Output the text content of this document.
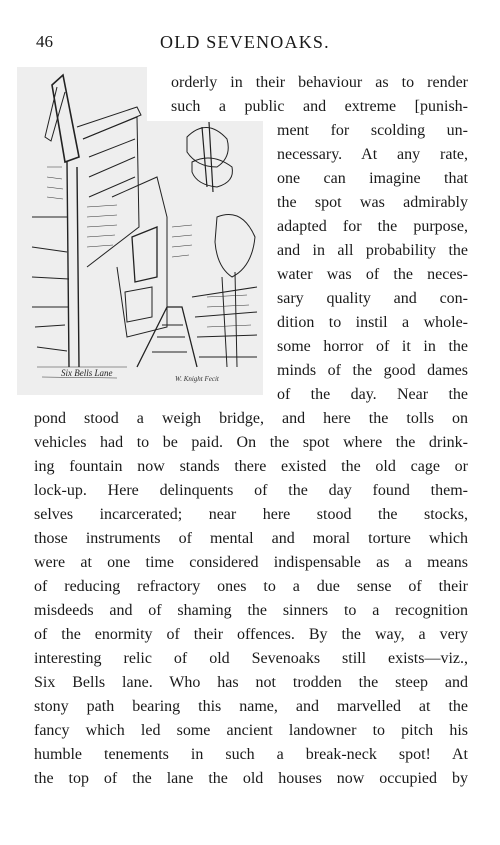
46	OLD SEVENOAKS.
Six Bells Lane
W. Knight Fecit
orderly in their behaviour as to render
such a public and extreme [punish-
ment for scolding un-
necessary. At any rate,
one can imagine that
the spot was admirably
adapted for the purpose,
and in all probability the
water was of the neces-
sary quality and con-
dition to instil a whole-
some horror of it in the
minds of the good dames
of the day. Near the
pond stood a weigh bridge, and here the tolls on
vehicles had to be paid. On the spot where the drink-
ing fountain now stands there existed the old cage or
lock-up. Here delinquents of the day found them-
selves incarcerated; near here stood the stocks,
those instruments of mental and moral torture which
were at one time considered indispensable as a means
of reducing refractory ones to a due sense of their
misdeeds and of shaming the sinners to a recognition
of the enormity of their offences. By the way, a very
interesting relic of old Sevenoaks still exists—viz.,
Six Bells lane. Who has not trodden the steep and
stony path bearing this name, and marvelled at the
fancy which led some ancient landowner to pitch his
humble tenements in such a break-neck spot! At
the top of the lane the old houses now occupied by
